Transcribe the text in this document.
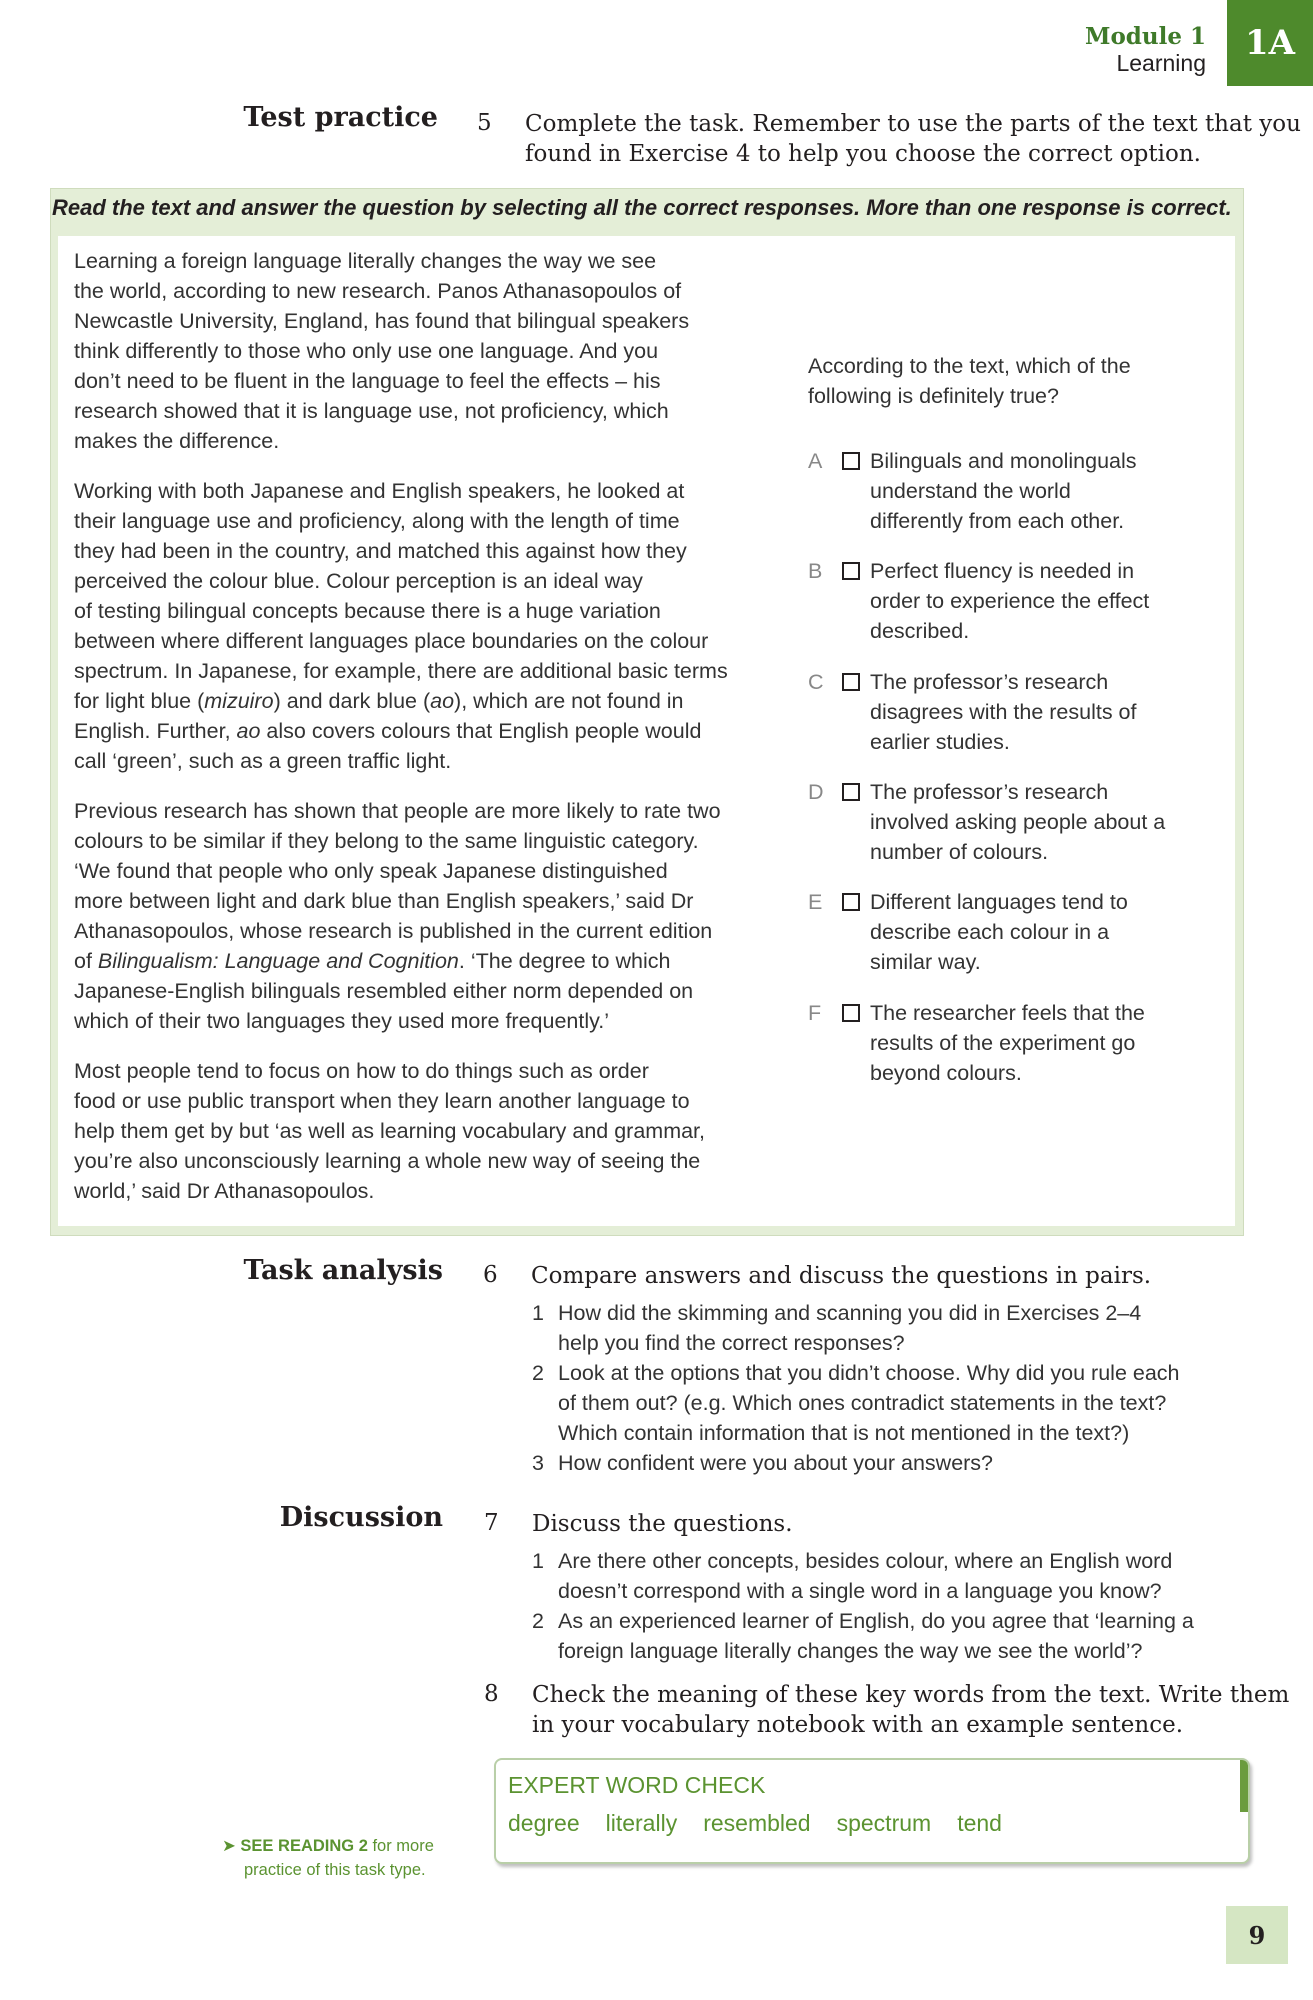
Module 1
Learning
1A
Test practice 5 Complete the task. Remember to use the parts of the text that you
found in Exercise 4 to help you choose the correct option.
Read the text and answer the question by selecting all the correct responses. More than one response is correct.

Learning a foreign language literally changes the way we see
the world, according to new research. Panos Athanasopoulos of
Newcastle University, England, has found that bilingual speakers
think differently to those who only use one language. And you
don’t need to be fluent in the language to feel the effects – his
research showed that it is language use, not proficiency, which
makes the difference.

Working with both Japanese and English speakers, he looked at
their language use and proficiency, along with the length of time
they had been in the country, and matched this against how they
perceived the colour blue. Colour perception is an ideal way
of testing bilingual concepts because there is a huge variation
between where different languages place boundaries on the colour
spectrum. In Japanese, for example, there are additional basic terms
for light blue (mizuiro) and dark blue (ao), which are not found in
English. Further, ao also covers colours that English people would
call ‘green’, such as a green traffic light.

Previous research has shown that people are more likely to rate two
colours to be similar if they belong to the same linguistic category.
‘We found that people who only speak Japanese distinguished
more between light and dark blue than English speakers,’ said Dr
Athanasopoulos, whose research is published in the current edition
of Bilingualism: Language and Cognition. ‘The degree to which
Japanese-English bilinguals resembled either norm depended on
which of their two languages they used more frequently.’

Most people tend to focus on how to do things such as order
food or use public transport when they learn another language to
help them get by but ‘as well as learning vocabulary and grammar,
you’re also unconsciously learning a whole new way of seeing the
world,’ said Dr Athanasopoulos.

According to the text, which of the
following is definitely true?
A	Bilinguals and monolinguals
understand the world
differently from each other.
B	Perfect fluency is needed in
order to experience the effect
described.
C	The professor’s research
disagrees with the results of
earlier studies.
D	The professor’s research
involved asking people about a
number of colours.
E	Different languages tend to
describe each colour in a
similar way.
F	The researcher feels that the
results of the experiment go
beyond colours.
Task analysis 6 Compare answers and discuss the questions in pairs.
1 How did the skimming and scanning you did in Exercises 2–4
help you find the correct responses?
2 Look at the options that you didn’t choose. Why did you rule each
of them out? (e.g. Which ones contradict statements in the text?
Which contain information that is not mentioned in the text?)
3 How confident were you about your answers?
Discussion 7 Discuss the questions.
1 Are there other concepts, besides colour, where an English word
doesn’t correspond with a single word in a language you know?
2 As an experienced learner of English, do you agree that ‘learning a
foreign language literally changes the way we see the world’?
8 Check the meaning of these key words from the text. Write them
in your vocabulary notebook with an example sentence.
EXPERT WORD CHECK
degree literally resembled spectrum tend
➤ SEE READING 2 for more
practice of this task type.
9
